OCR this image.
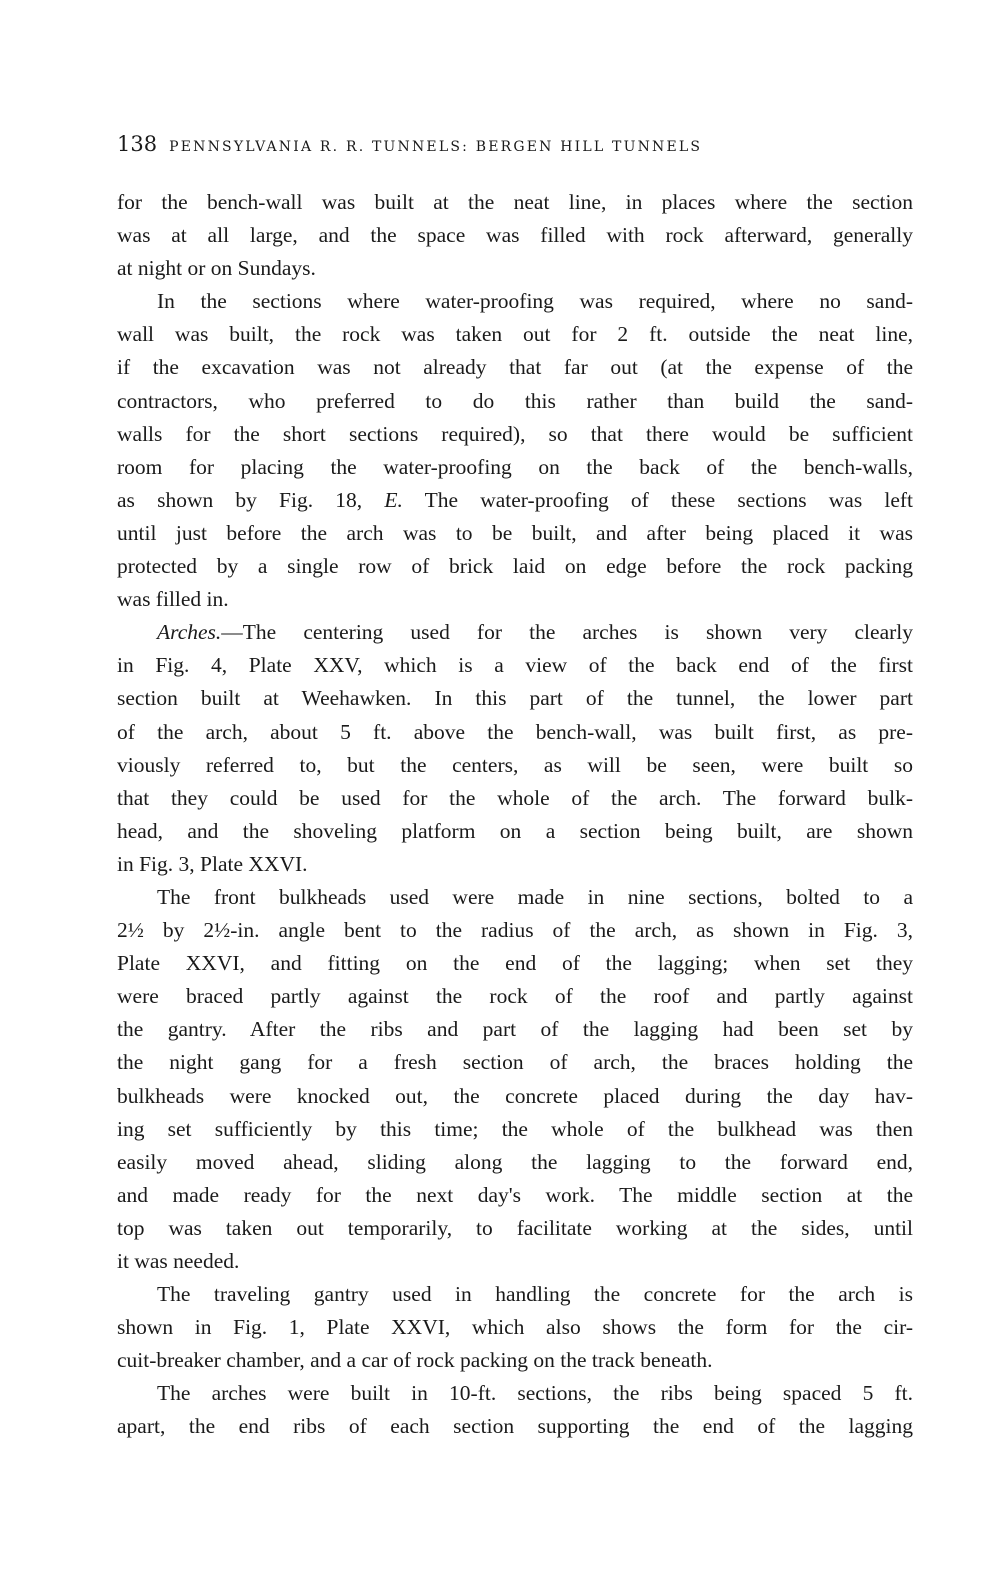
138 PENNSYLVANIA R. R. TUNNELS: BERGEN HILL TUNNELS
for the bench-wall was built at the neat line, in places where the section
was at all large, and the space was filled with rock afterward, generally
at night or on Sundays.
In the sections where water-proofing was required, where no sand-
wall was built, the rock was taken out for 2 ft. outside the neat line,
if the excavation was not already that far out (at the expense of the
contractors, who preferred to do this rather than build the sand-
walls for the short sections required), so that there would be sufficient
room for placing the water-proofing on the back of the bench-walls,
as shown by Fig. 18, E. The water-proofing of these sections was left
until just before the arch was to be built, and after being placed it was
protected by a single row of brick laid on edge before the rock packing
was filled in.
Arches.—The centering used for the arches is shown very clearly
in Fig. 4, Plate XXV, which is a view of the back end of the first
section built at Weehawken. In this part of the tunnel, the lower part
of the arch, about 5 ft. above the bench-wall, was built first, as pre-
viously referred to, but the centers, as will be seen, were built so
that they could be used for the whole of the arch. The forward bulk-
head, and the shoveling platform on a section being built, are shown
in Fig. 3, Plate XXVI.
The front bulkheads used were made in nine sections, bolted to a
2½ by 2½-in. angle bent to the radius of the arch, as shown in Fig. 3,
Plate XXVI, and fitting on the end of the lagging; when set they
were braced partly against the rock of the roof and partly against
the gantry. After the ribs and part of the lagging had been set by
the night gang for a fresh section of arch, the braces holding the
bulkheads were knocked out, the concrete placed during the day hav-
ing set sufficiently by this time; the whole of the bulkhead was then
easily moved ahead, sliding along the lagging to the forward end,
and made ready for the next day's work. The middle section at the
top was taken out temporarily, to facilitate working at the sides, until
it was needed.
The traveling gantry used in handling the concrete for the arch is
shown in Fig. 1, Plate XXVI, which also shows the form for the cir-
cuit-breaker chamber, and a car of rock packing on the track beneath.
The arches were built in 10-ft. sections, the ribs being spaced 5 ft.
apart, the end ribs of each section supporting the end of the lagging
